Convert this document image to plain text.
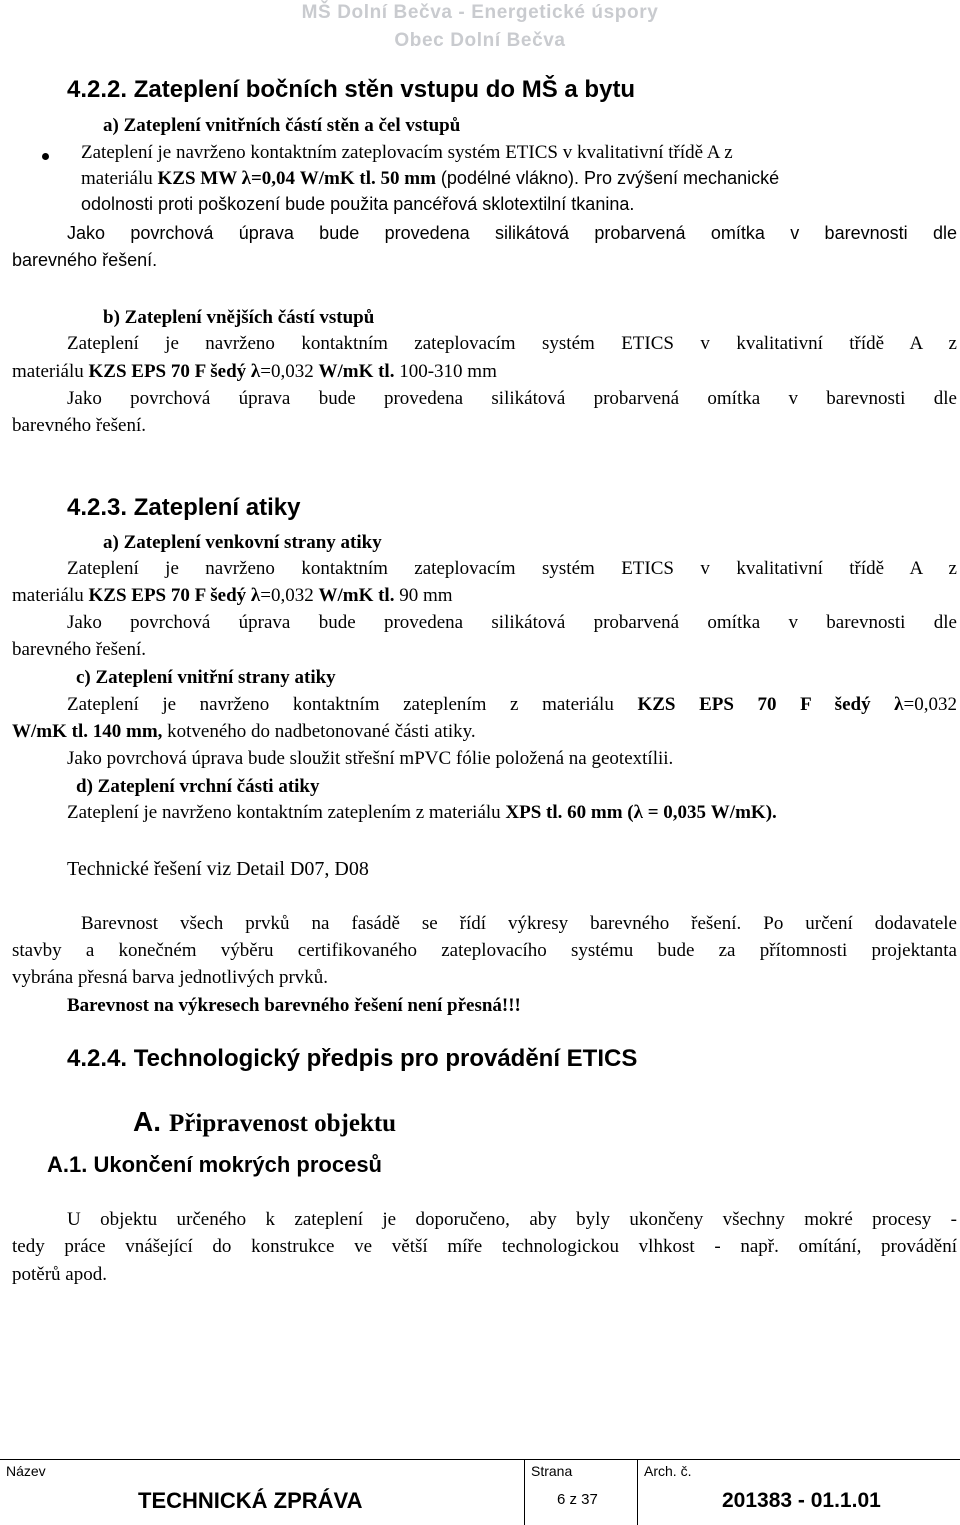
MŠ Dolní Bečva - Energetické úspory
Obec Dolní Bečva
4.2.2. Zateplení bočních stěn vstupu do MŠ a bytu
a) Zateplení vnitřních částí stěn a čel vstupů
Zateplení je navrženo kontaktním zateplovacím systém ETICS v kvalitativní třídě A z
materiálu KZS MW λ=0,04 W/mK tl. 50 mm (podélné vlákno). Pro zvýšení mechanické
odolnosti proti poškození bude použita pancéřová sklotextilní tkanina.
Jako povrchová úprava bude provedena silikátová probarvená omítka v barevnosti dle
barevného řešení.
b) Zateplení vnějších částí vstupů
Zateplení je navrženo kontaktním zateplovacím systém ETICS v kvalitativní třídě A z
materiálu KZS EPS 70 F šedý λ=0,032 W/mK tl. 100-310 mm
Jako povrchová úprava bude provedena silikátová probarvená omítka v barevnosti dle
barevného řešení.
4.2.3. Zateplení atiky
a) Zateplení venkovní strany atiky
Zateplení je navrženo kontaktním zateplovacím systém ETICS v kvalitativní třídě A z
materiálu KZS EPS 70 F šedý λ=0,032 W/mK tl. 90 mm
Jako povrchová úprava bude provedena silikátová probarvená omítka v barevnosti dle
barevného řešení.
c) Zateplení vnitřní strany atiky
Zateplení je navrženo kontaktním zateplením z materiálu KZS EPS 70 F šedý λ=0,032
W/mK tl. 140 mm, kotveného do nadbetonované části atiky.
Jako povrchová úprava bude sloužit střešní mPVC fólie položená na geotextílii.
d) Zateplení vrchní části atiky
Zateplení je navrženo kontaktním zateplením z materiálu XPS tl. 60 mm (λ = 0,035 W/mK).
Technické řešení viz Detail D07, D08
Barevnost všech prvků na fasádě se řídí výkresy barevného řešení. Po určení dodavatele
stavby a konečném výběru certifikovaného zateplovacího systému bude za přítomnosti projektanta
vybrána přesná barva jednotlivých prvků.
Barevnost na výkresech barevného řešení není přesná!!!
4.2.4. Technologický předpis pro provádění ETICS
A. Připravenost objektu
A.1. Ukončení mokrých procesů
U objektu určeného k zateplení je doporučeno, aby byly ukončeny všechny mokré procesy -
tedy práce vnášející do konstrukce ve větší míře technologickou vlhkost - např. omítání, provádění
potěrů apod.
Název
TECHNICKÁ ZPRÁVA
Strana
6 z 37
Arch. č.
201383 - 01.1.01
